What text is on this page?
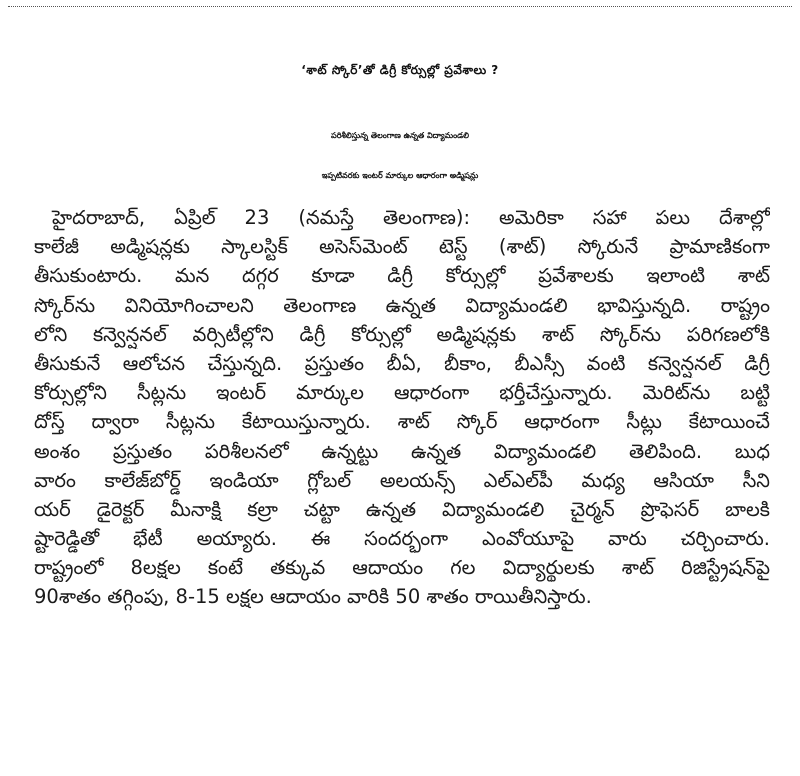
‘శాట్ స్కోర్’తో డిగ్రీ కోర్సుల్లో ప్రవేశాలు ?
పరిశీలిస్తున్న తెలంగాణ ఉన్నత విద్యామండలి
ఇప్పటివరకు ఇంటర్ మార్కుల ఆధారంగా అడ్మిషన్లు
హైదరాబాద్, ఏప్రిల్ 23 (నమస్తే తెలంగాణ): అమెరికా సహా పలు దేశాల్లో
కాలేజీ అడ్మిషన్లకు స్కాలస్టిక్ అసెస్‌మెంట్ టెస్ట్ (శాట్) స్కోరునే ప్రామాణికంగా
తీసుకుంటారు. మన దగ్గర కూడా డిగ్రీ కోర్సుల్లో ప్రవేశాలకు ఇలాంటి శాట్
స్కోర్‌ను వినియోగించాలని తెలంగాణ ఉన్నత విద్యామండలి భావిస్తున్నది. రాష్ట్రం
లోని కన్వెన్షనల్ వర్సిటీల్లోని డిగ్రీ కోర్సుల్లో అడ్మిషన్లకు శాట్ స్కోర్‌ను పరిగణలోకి
తీసుకునే ఆలోచన చేస్తున్నది. ప్రస్తుతం బీఏ, బీకాం, బీఎస్సీ వంటి కన్వెన్షనల్ డిగ్రీ
కోర్సుల్లోని సీట్లను ఇంటర్ మార్కుల ఆధారంగా భర్తీచేస్తున్నారు. మెరిట్‌ను బట్టి
దోస్త్ ద్వారా సీట్లను కేటాయిస్తున్నారు. శాట్ స్కోర్ ఆధారంగా సీట్లు కేటాయించే
అంశం ప్రస్తుతం పరిశీలనలో ఉన్నట్టు ఉన్నత విద్యామండలి తెలిపింది. బుధ
వారం కాలేజ్‌బోర్డ్ ఇండియా గ్లోబల్ అలయన్స్ ఎల్ఎల్‌పీ మధ్య ఆసియా సీని
యర్ డైరెక్టర్ మీనాక్షి కల్రా చట్టా ఉన్నత విద్యామండలి చైర్మన్ ప్రొఫెసర్ బాలకి
ష్టారెడ్డితో భేటీ అయ్యారు. ఈ సందర్భంగా ఎంవోయూపై వారు చర్చించారు.
రాష్ట్రంలో 8లక్షల కంటే తక్కువ ఆదాయం గల విద్యార్థులకు శాట్ రిజిస్ట్రేషన్‌పై
90శాతం తగ్గింపు, 8-15 లక్షల ఆదాయం వారికి 50 శాతం రాయితీనిస్తారు.
